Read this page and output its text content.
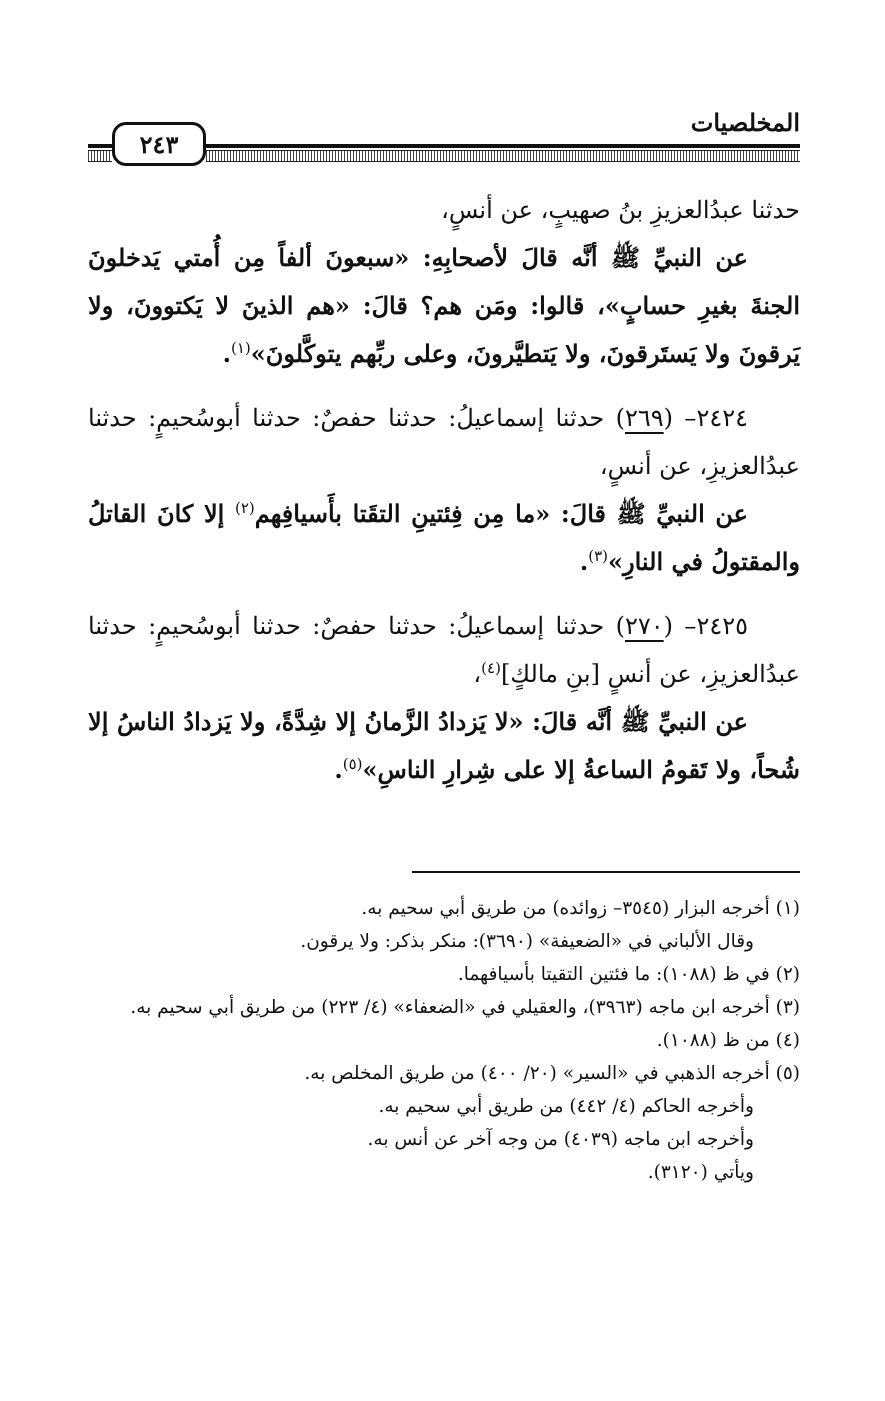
المخلصيات
٢٤٣

حدثنا عبدُالعزيزِ بنُ صهيبٍ، عن أنسٍ،

عن النبيِّ ﷺ أنَّه قالَ لأصحابِهِ: «سبعونَ ألفاً مِن أُمتي يَدخلونَ الجنةَ بغيرِ حسابٍ»، قالوا: ومَن هم؟ قالَ: «هم الذينَ لا يَكتوونَ، ولا يَرقونَ ولا يَستَرقونَ، ولا يَتطيَّرونَ، وعلى ربِّهم يتوكَّلونَ»$^{(١)}$.

٢٤٢٤– (٢٦٩) حدثنا إسماعيلُ: حدثنا حفصٌ: حدثنا أبوسُحيمٍ: حدثنا عبدُالعزيزِ، عن أنسٍ،

عن النبيِّ ﷺ قالَ: «ما مِن فِئتينِ التقَتا بأَسيافِهم$^{(٢)}$ إلا كانَ القاتلُ والمقتولُ في النارِ»$^{(٣)}$.

٢٤٢٥– (٢٧٠) حدثنا إسماعيلُ: حدثنا حفصٌ: حدثنا أبوسُحيمٍ: حدثنا عبدُالعزيزِ، عن أنسٍ [بنِ مالكٍ]$^{(٤)}$،

عن النبيِّ ﷺ أنَّه قالَ: «لا يَزدادُ الزَّمانُ إلا شِدَّةً، ولا يَزدادُ الناسُ إلا شُحاً، ولا تَقومُ الساعةُ إلا على شِرارِ الناسِ»$^{(٥)}$.

(١) أخرجه البزار (٣٥٤٥– زوائده) من طريق أبي سحيم به.

وقال الألباني في «الضعيفة» (٣٦٩٠): منكر بذكر: ولا يرقون.

(٢) في ظ (١٠٨٨): ما فئتين التقيتا بأسيافهما.

(٣) أخرجه ابن ماجه (٣٩٦٣)، والعقيلي في «الضعفاء» (٤/ ٢٢٣) من طريق أبي سحيم به.

(٤) من ظ (١٠٨٨).

(٥) أخرجه الذهبي في «السير» (٢٠/ ٤٠٠) من طريق المخلص به.

وأخرجه الحاكم (٤/ ٤٤٢) من طريق أبي سحيم به.

وأخرجه ابن ماجه (٤٠٣٩) من وجه آخر عن أنس به.

ويأتي (٣١٢٠).
